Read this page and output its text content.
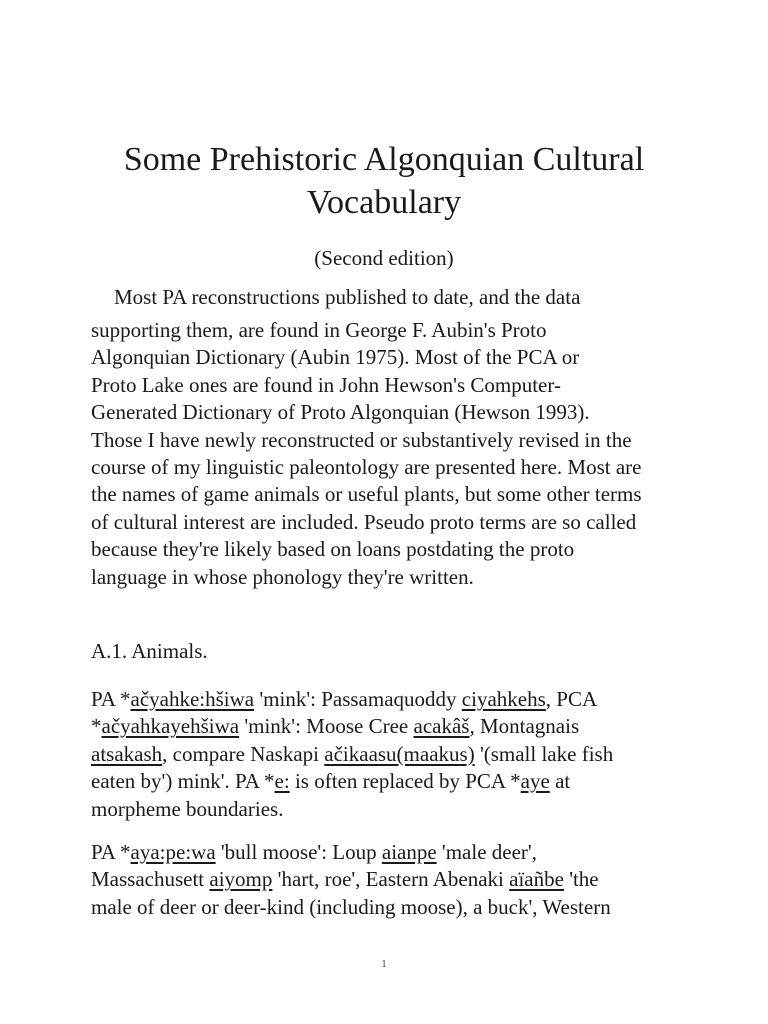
Some Prehistoric Algonquian Cultural
Vocabulary
(Second edition)
Most PA reconstructions published to date, and the data

supporting them, are found in George F. Aubin's Proto
Algonquian Dictionary (Aubin 1975). Most of the PCA or
Proto Lake ones are found in John Hewson's Computer-
Generated Dictionary of Proto Algonquian (Hewson 1993).
Those I have newly reconstructed or substantively revised in the
course of my linguistic paleontology are presented here. Most are
the names of game animals or useful plants, but some other terms
of cultural interest are included. Pseudo proto terms are so called
because they're likely based on loans postdating the proto
language in whose phonology they're written.

A.1. Animals.

PA *ačyahke:hšiwa 'mink': Passamaquoddy ciyahkehs, PCA
*ačyahkayehšiwa 'mink': Moose Cree acakâš, Montagnais
atsakash, compare Naskapi ačikaasu(maakus) '(small lake fish
eaten by') mink'. PA *e: is often replaced by PCA *aye at
morpheme boundaries.

PA *aya:pe:wa 'bull moose': Loup aianpe 'male deer',
Massachusett aiyomp 'hart, roe', Eastern Abenaki aïañbe 'the
male of deer or deer-kind (including moose), a buck', Western

1
